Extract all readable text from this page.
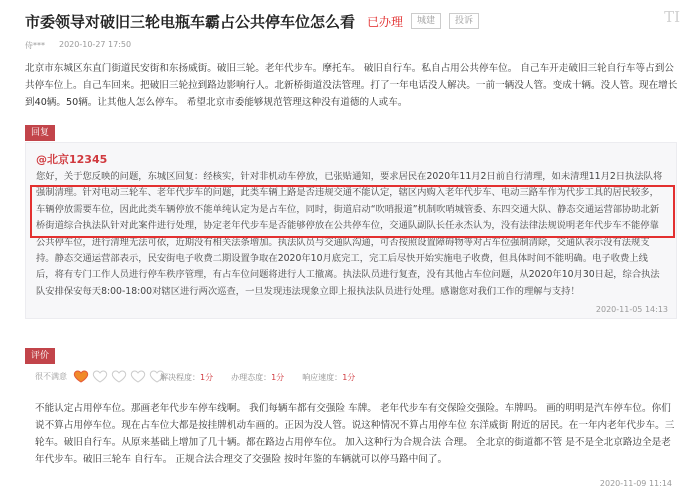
市委领导对破旧三轮电瓶车霸占公共停车位怎么看 已办理	城建	投诉	TI
侍*** 2020-10-27 17:50
北京市东城区东直门街道民安街和东扬威街。破旧三轮。老年代步车。摩托车。 破旧自行车。私自占用公共停车位。 自己车开走破旧三轮自行车等占到公共停车位上。自己车回来。把破旧三轮拉到路边影响行人。北新桥街道没法管理。打了一年电话没人解决。一前一辆没人管。变成十辆。没人管。现在增长到40辆。50辆。让其他人怎么停车。 希望北京市委能够规范管理这种没有道德的人或车。
回复
@北京12345
您好，关于您反映的问题，东城区回复：经核实，针对非机动车停放，已张贴通知，要求居民在2020年11月2日前自行清理，如未清理11月2日执法队将强制清理。针对电动三轮车、老年代步车的问题，此类车辆上路是否违规交通不能认定，辖区内购入老年代步车、电动三路车作为代步工具的居民较多，车辆停放需要车位，因此此类车辆停放不能单纯认定为是占车位，同时，街道启动“吹哨报道”机制吹哨城管委、东四交通大队、静态交通运营部协助北新桥街道综合执法队针对此案件进行处理，协定老年代步车是否能够停放在公共停车位，交通队副队长任永杰认为，没有法律法规说明老年代步车不能停靠公共停车位，进行清理无法可依，近期没有相关法条增加。执法队员与交通队沟通，可否按照设置障碍物等对占车位强制清除，交通队表示没有法规支持。静态交通运营部表示，民安街电子收费二期设置争取在2020年10月底完工，完工后尽快开始实施电子收费，但具体时间不能明确。电子收费上线后，将有专门工作人员进行停车秩序管理，有占车位问题将进行人工撤离。执法队员进行复查，没有其他占车位问题，从2020年10月30日起，综合执法队安排保安每天8:00-18:00对辖区进行两次巡查，一旦发现违法现象立即上报执法队员进行处理。感谢您对我们工作的理解与支持！
2020-11-05 14:13
评价
很不满意	解决程度：1分 办理态度：1分 响应速度：1分
不能认定占用停车位。那画老年代步车停车线啊。 我们每辆车都有交强险 车牌。 老年代步车有交保险交强险。车牌吗。 画的明明是汽车停车位。你们说不算占用停车位。现在占车位大都是按挂牌机动车画的。正因为没人管。说这种情况不算占用停车位 东洋威街 附近的居民。在一年内老年代步车。三轮车。破旧自行车。从原来基础上增加了几十辆。都在路边占用停车位。 加入这种行为合规合法 合理。 全北京的街道都不管 是不是全北京路边全是老年代步车。破旧三轮车 自行车。 正规合法合理交了交强险 按时年鉴的车辆就可以停马路中间了。
2020-11-09 11:14
